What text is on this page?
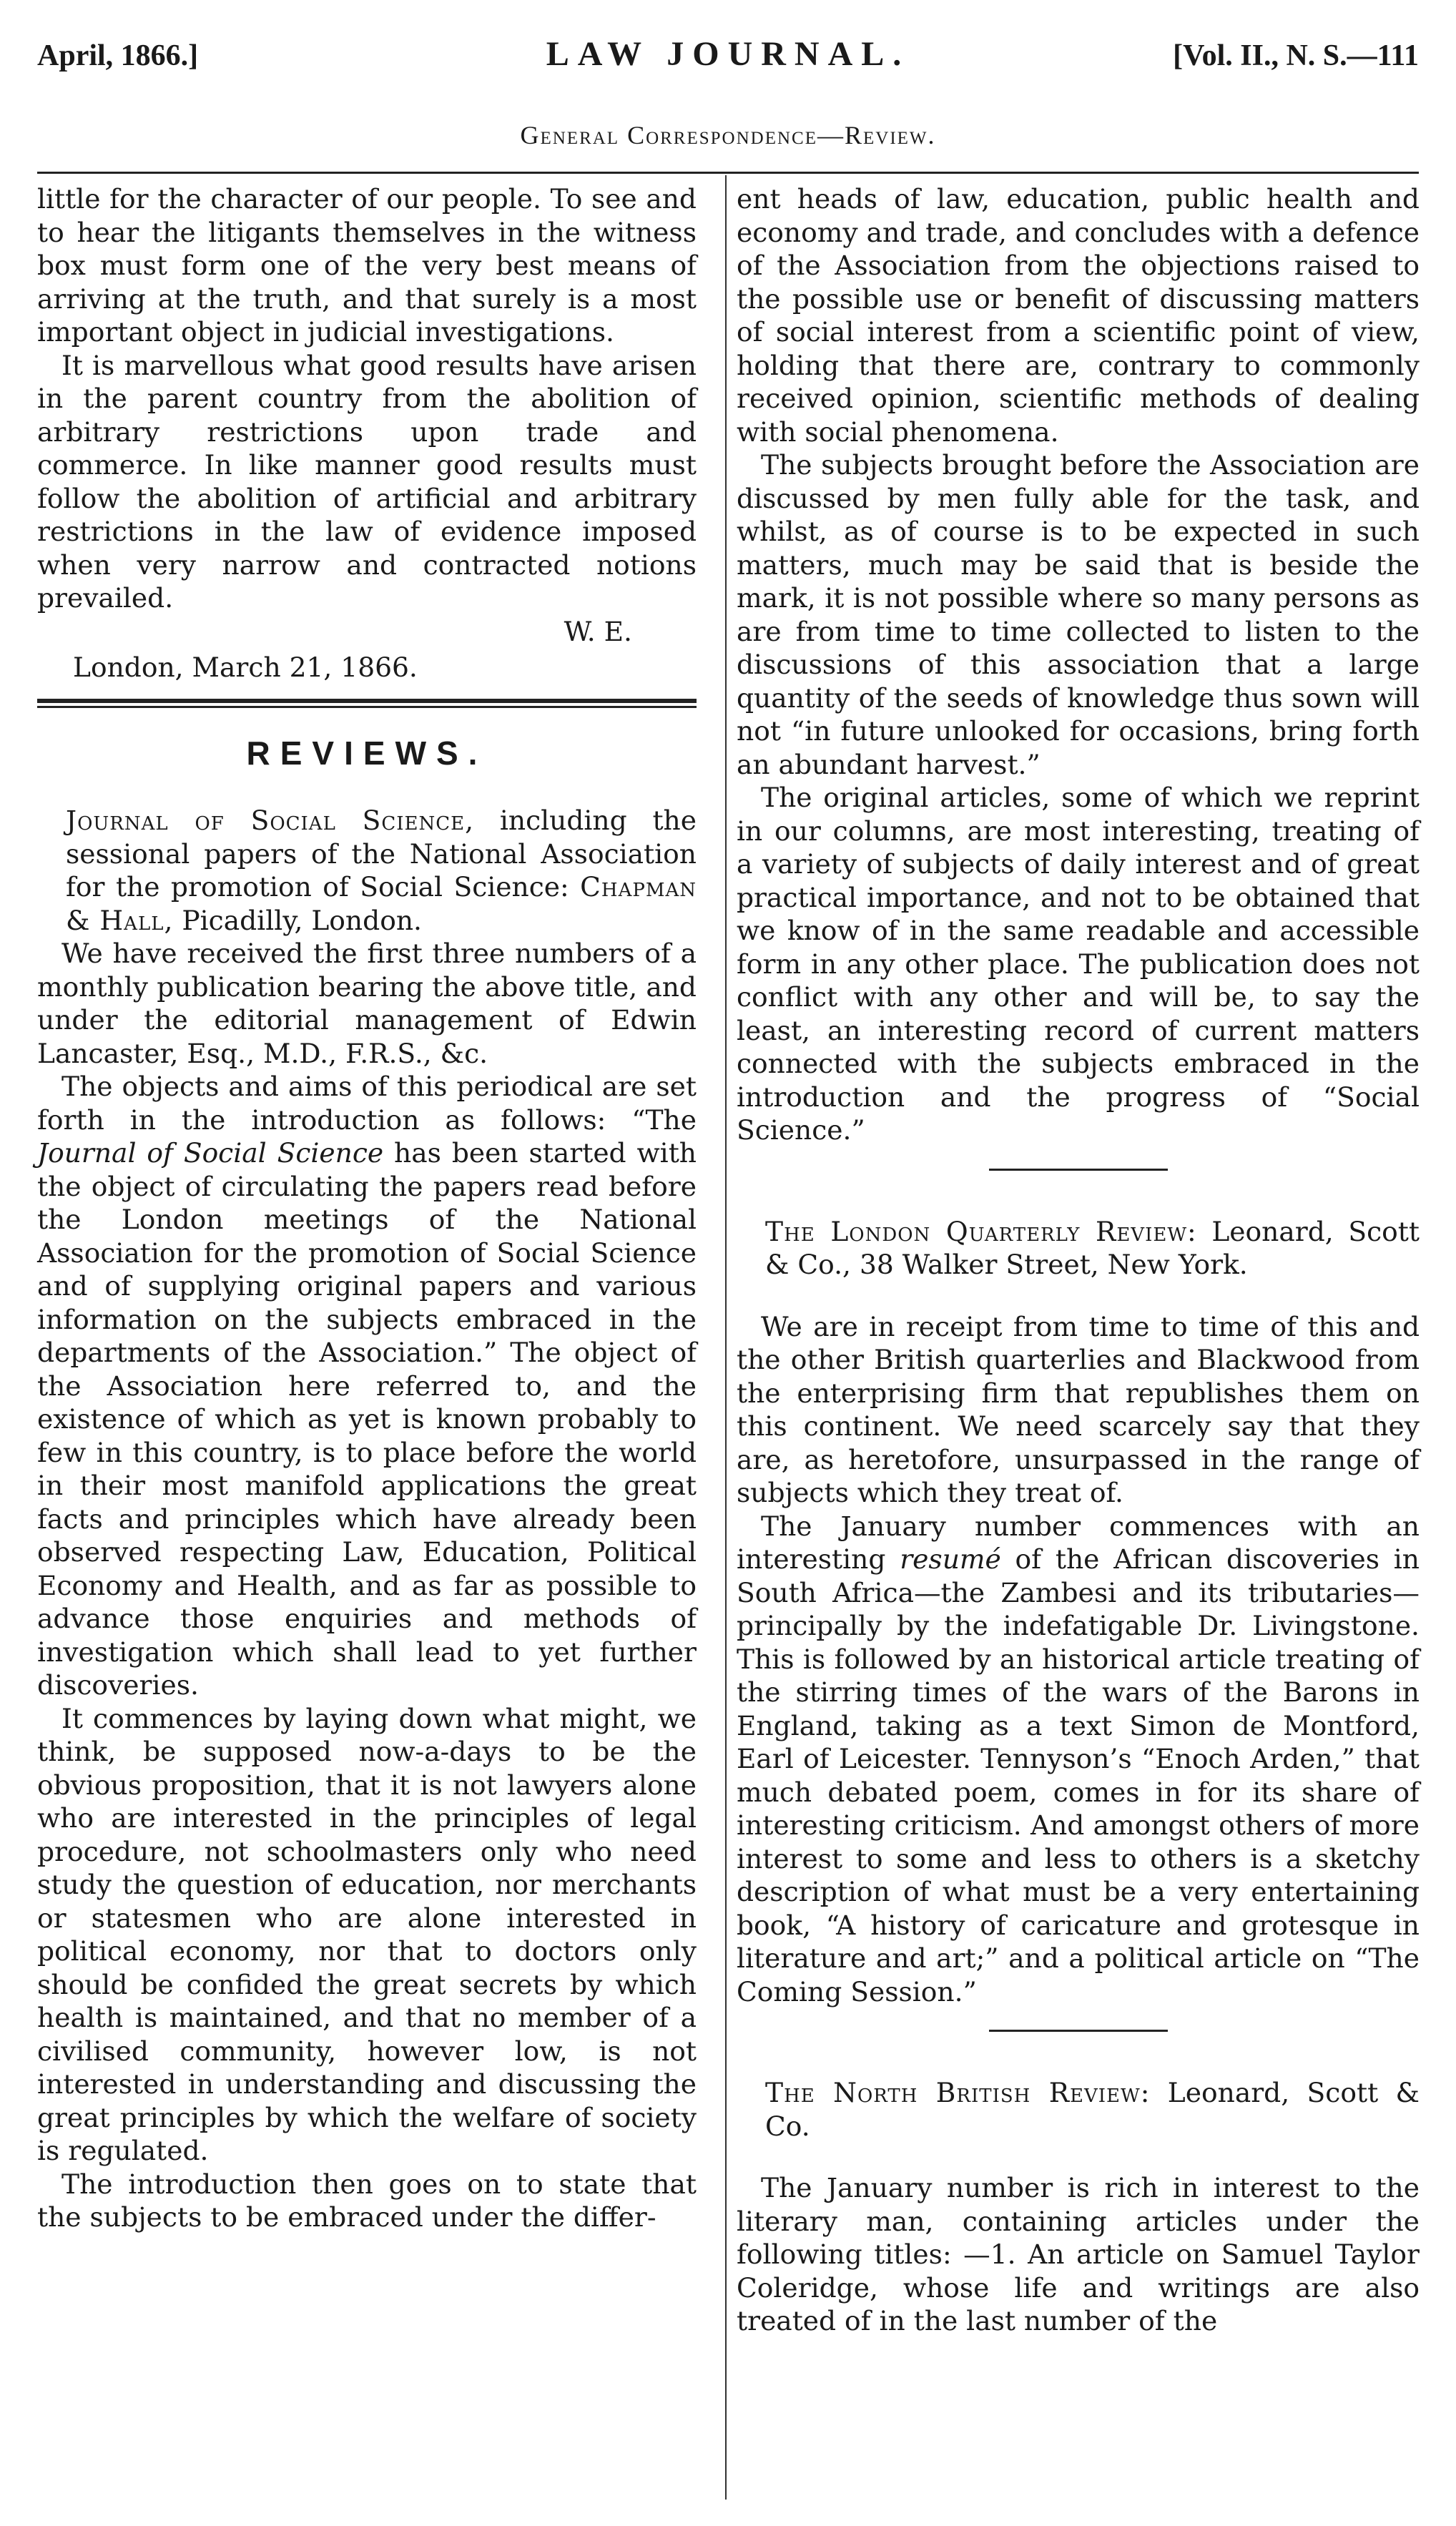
April, 1866.]	LAW JOURNAL.	[Vol. II., N. S.—111
General Correspondence—Review.

little for the character of our people. To see and to hear the litigants themselves in the witness box must form one of the very best means of arriving at the truth, and that surely is a most important object in judicial investigations.

It is marvellous what good results have arisen in the parent country from the abolition of arbitrary restrictions upon trade and commerce. In like manner good results must follow the abolition of artificial and arbitrary restrictions in the law of evidence imposed when very narrow and contracted notions prevailed.

W. E.

London, March 21, 1866.

REVIEWS.

Journal of Social Science, including the sessional papers of the National Association for the promotion of Social Science: Chapman & Hall, Picadilly, London.

We have received the first three numbers of a monthly publication bearing the above title, and under the editorial management of Edwin Lancaster, Esq., M.D., F.R.S., &c.

The objects and aims of this periodical are set forth in the introduction as follows: “The Journal of Social Science has been started with the object of circulating the papers read before the London meetings of the National Association for the promotion of Social Science and of supplying original papers and various information on the subjects embraced in the departments of the Association.” The object of the Association here referred to, and the existence of which as yet is known probably to few in this country, is to place before the world in their most manifold applications the great facts and principles which have already been observed respecting Law, Education, Political Economy and Health, and as far as possible to advance those enquiries and methods of investigation which shall lead to yet further discoveries.

It commences by laying down what might, we think, be supposed now-a-days to be the obvious proposition, that it is not lawyers alone who are interested in the principles of legal procedure, not schoolmasters only who need study the question of education, nor merchants or statesmen who are alone interested in political economy, nor that to doctors only should be confided the great secrets by which health is maintained, and that no member of a civilised community, however low, is not interested in understanding and discussing the great principles by which the welfare of society is regulated.

The introduction then goes on to state that the subjects to be embraced under the differ-

ent heads of law, education, public health and economy and trade, and concludes with a defence of the Association from the objections raised to the possible use or benefit of discussing matters of social interest from a scientific point of view, holding that there are, contrary to commonly received opinion, scientific methods of dealing with social phenomena.

The subjects brought before the Association are discussed by men fully able for the task, and whilst, as of course is to be expected in such matters, much may be said that is beside the mark, it is not possible where so many persons as are from time to time collected to listen to the discussions of this association that a large quantity of the seeds of knowledge thus sown will not “in future unlooked for occasions, bring forth an abundant harvest.”

The original articles, some of which we reprint in our columns, are most interesting, treating of a variety of subjects of daily interest and of great practical importance, and not to be obtained that we know of in the same readable and accessible form in any other place. The publication does not conflict with any other and will be, to say the least, an interesting record of current matters connected with the subjects embraced in the introduction and the progress of “Social Science.”

The London Quarterly Review: Leonard, Scott & Co., 38 Walker Street, New York.

We are in receipt from time to time of this and the other British quarterlies and Blackwood from the enterprising firm that republishes them on this continent. We need scarcely say that they are, as heretofore, unsurpassed in the range of subjects which they treat of.

The January number commences with an interesting resumé of the African discoveries in South Africa—the Zambesi and its tributaries—principally by the indefatigable Dr. Livingstone. This is followed by an historical article treating of the stirring times of the wars of the Barons in England, taking as a text Simon de Montford, Earl of Leicester. Tennyson’s “Enoch Arden,” that much debated poem, comes in for its share of interesting criticism. And amongst others of more interest to some and less to others is a sketchy description of what must be a very entertaining book, “A history of caricature and grotesque in literature and art;” and a political article on “The Coming Session.”

The North British Review: Leonard, Scott & Co.

The January number is rich in interest to the literary man, containing articles under the following titles: —1. An article on Samuel Taylor Coleridge, whose life and writings are also treated of in the last number of the
